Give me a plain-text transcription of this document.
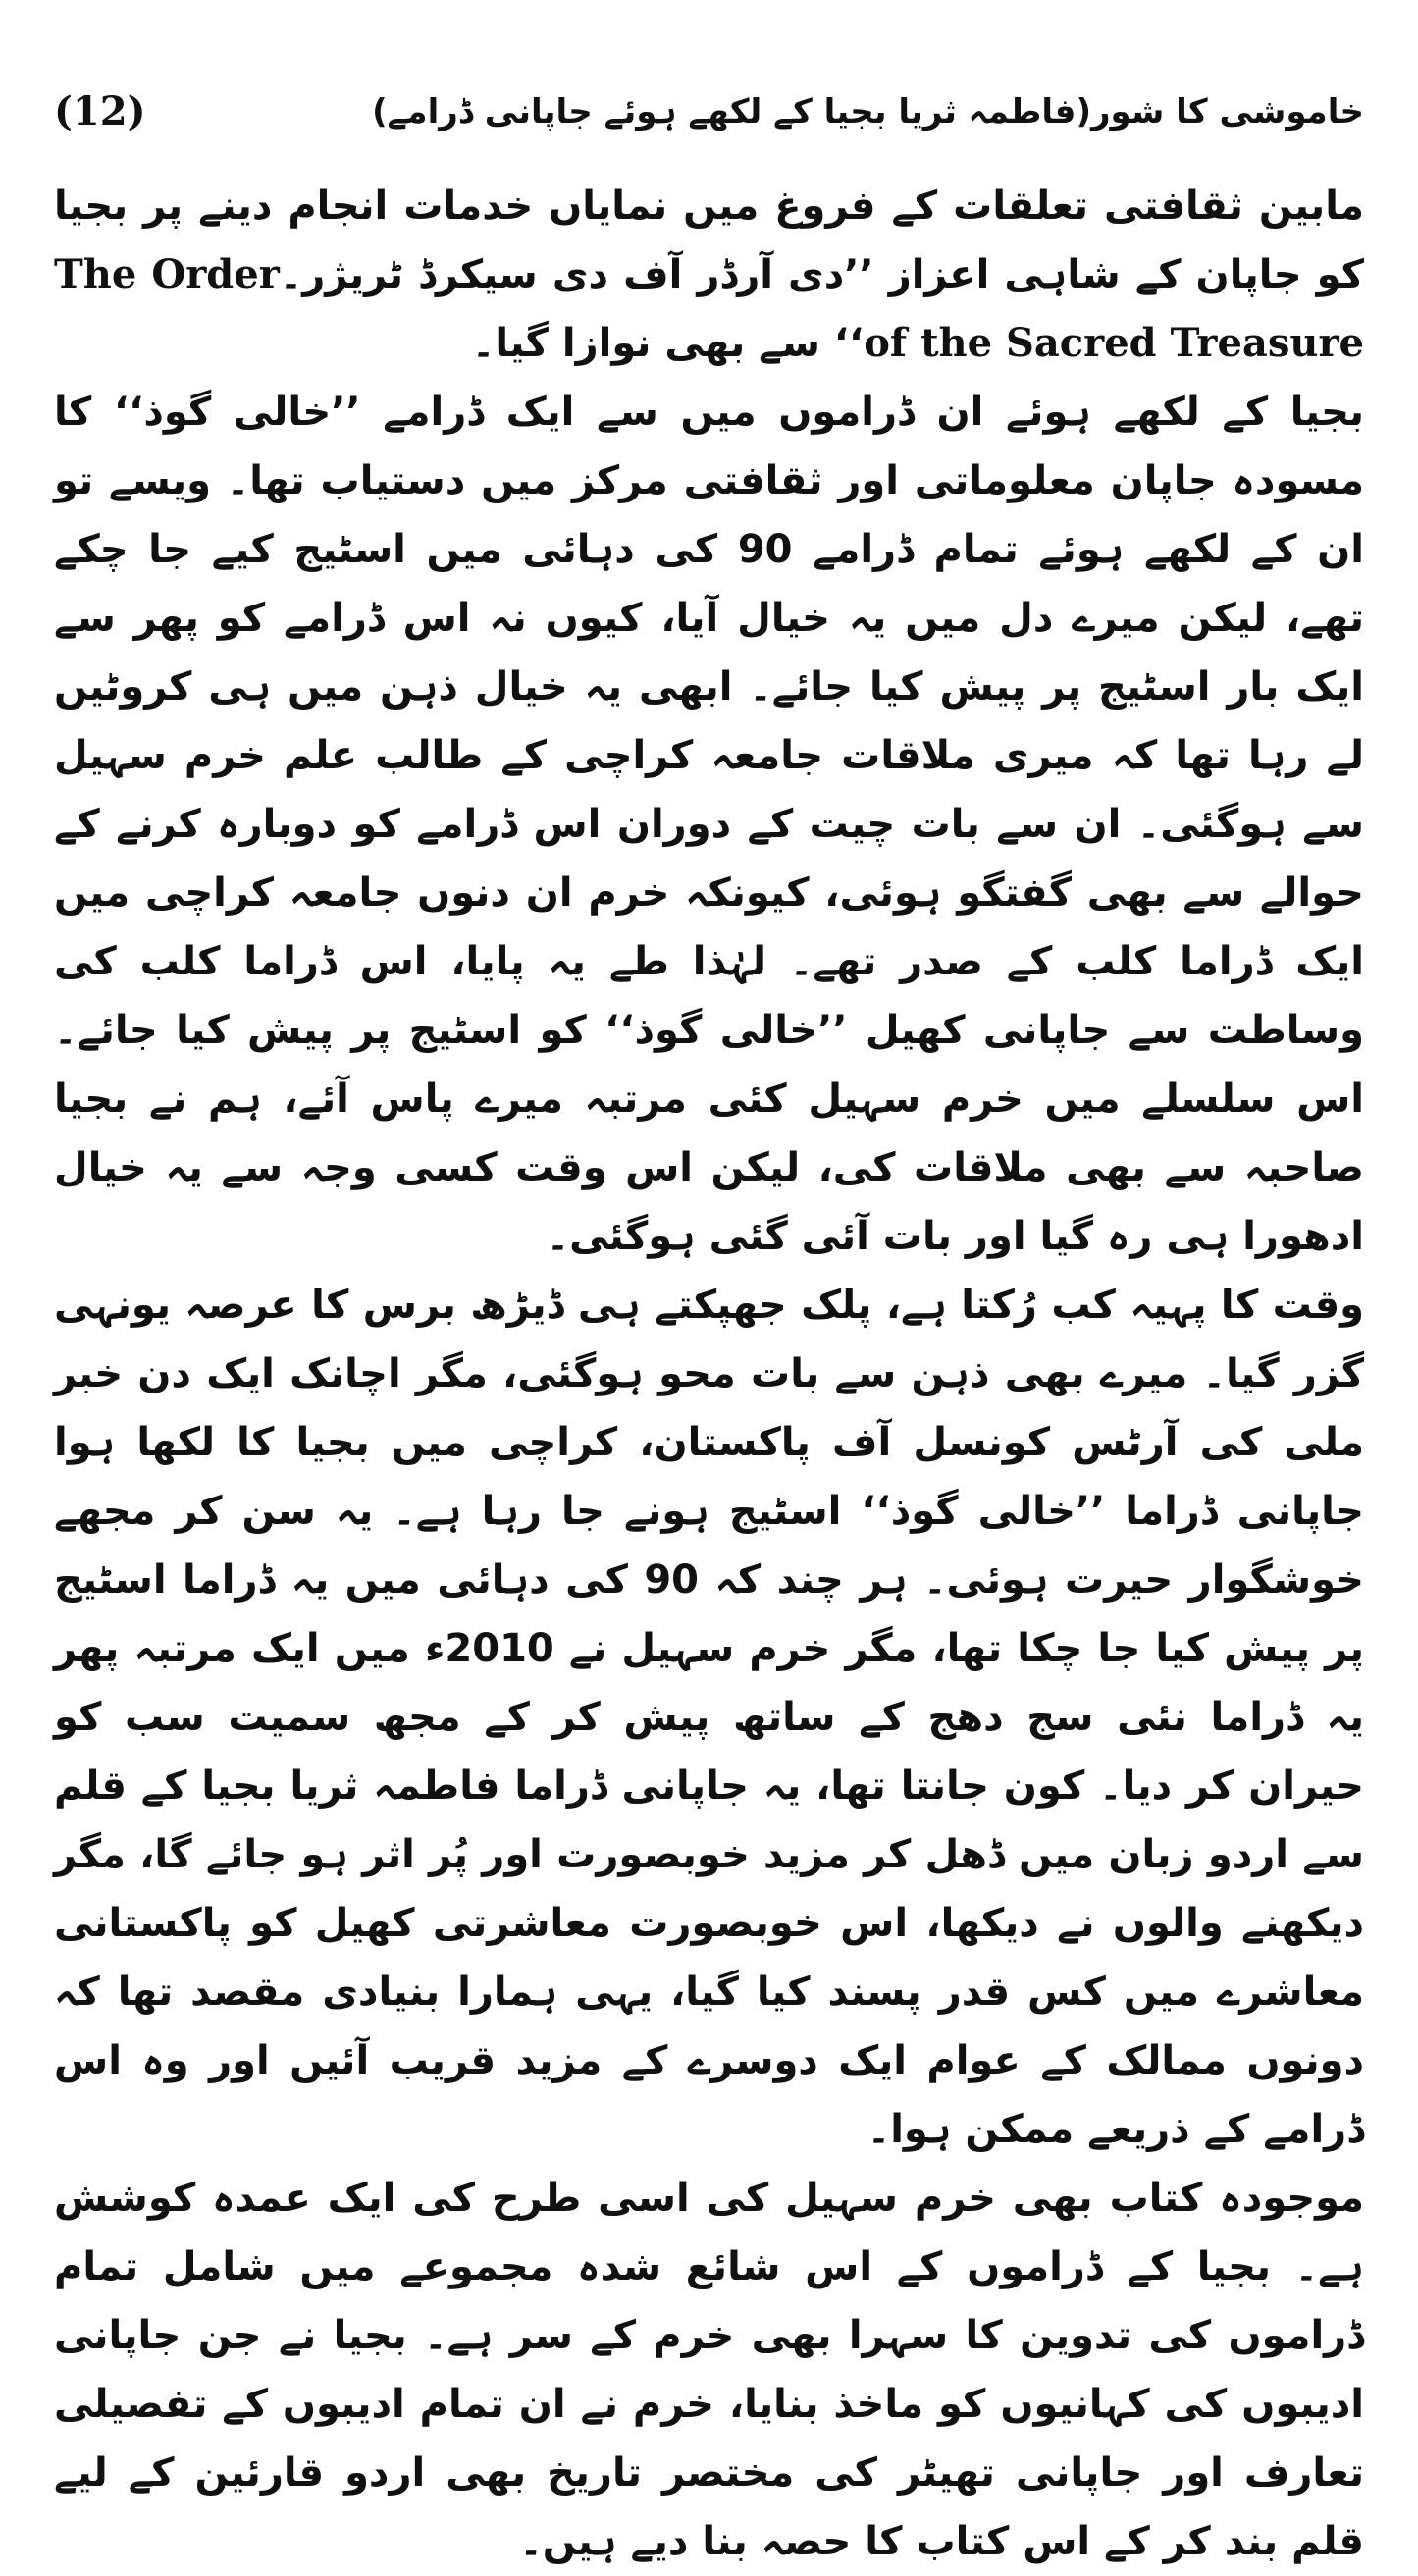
(12)	خاموشی کا شور(فاطمہ ثریا بجیا کے لکھے ہوئے جاپانی ڈرامے)

مابین ثقافتی تعلقات کے فروغ میں نمایاں خدمات انجام دینے پر بجیا کو جاپان کے شاہی اعزاز ’’دی آرڈر آف دی سیکرڈ ٹریژر۔The Order of the Sacred Treasure‘‘ سے بھی نوازا گیا۔

بجیا کے لکھے ہوئے ان ڈراموں میں سے ایک ڈرامے ’’خالی گوذ‘‘ کا مسودہ جاپان معلوماتی اور ثقافتی مرکز میں دستیاب تھا۔ ویسے تو ان کے لکھے ہوئے تمام ڈرامے 90 کی دہائی میں اسٹیج کیے جا چکے تھے، لیکن میرے دل میں یہ خیال آیا، کیوں نہ اس ڈرامے کو پھر سے ایک بار اسٹیج پر پیش کیا جائے۔ ابھی یہ خیال ذہن میں ہی کروٹیں لے رہا تھا کہ میری ملاقات جامعہ کراچی کے طالب علم خرم سہیل سے ہوگئی۔ ان سے بات چیت کے دوران اس ڈرامے کو دوبارہ کرنے کے حوالے سے بھی گفتگو ہوئی، کیونکہ خرم ان دنوں جامعہ کراچی میں ایک ڈراما کلب کے صدر تھے۔ لہٰذا طے یہ پایا، اس ڈراما کلب کی وساطت سے جاپانی کھیل ’’خالی گوذ‘‘ کو اسٹیج پر پیش کیا جائے۔ اس سلسلے میں خرم سہیل کئی مرتبہ میرے پاس آئے، ہم نے بجیا صاحبہ سے بھی ملاقات کی، لیکن اس وقت کسی وجہ سے یہ خیال ادھورا ہی رہ گیا اور بات آئی گئی ہوگئی۔

وقت کا پہیہ کب رُکتا ہے، پلک جھپکتے ہی ڈیڑھ برس کا عرصہ یونہی گزر گیا۔ میرے بھی ذہن سے بات محو ہوگئی، مگر اچانک ایک دن خبر ملی کی آرٹس کونسل آف پاکستان، کراچی میں بجیا کا لکھا ہوا جاپانی ڈراما ’’خالی گوذ‘‘ اسٹیج ہونے جا رہا ہے۔ یہ سن کر مجھے خوشگوار حیرت ہوئی۔ ہر چند کہ 90 کی دہائی میں یہ ڈراما اسٹیج پر پیش کیا جا چکا تھا، مگر خرم سہیل نے 2010ء میں ایک مرتبہ پھر یہ ڈراما نئی سج دھج کے ساتھ پیش کر کے مجھ سمیت سب کو حیران کر دیا۔ کون جانتا تھا، یہ جاپانی ڈراما فاطمہ ثریا بجیا کے قلم سے اردو زبان میں ڈھل کر مزید خوبصورت اور پُر اثر ہو جائے گا، مگر دیکھنے والوں نے دیکھا، اس خوبصورت معاشرتی کھیل کو پاکستانی معاشرے میں کس قدر پسند کیا گیا، یہی ہمارا بنیادی مقصد تھا کہ دونوں ممالک کے عوام ایک دوسرے کے مزید قریب آئیں اور وہ اس ڈرامے کے ذریعے ممکن ہوا۔

موجودہ کتاب بھی خرم سہیل کی اسی طرح کی ایک عمدہ کوشش ہے۔ بجیا کے ڈراموں کے اس شائع شدہ مجموعے میں شامل تمام ڈراموں کی تدوین کا سہرا بھی خرم کے سر ہے۔ بجیا نے جن جاپانی ادیبوں کی کہانیوں کو ماخذ بنایا، خرم نے ان تمام ادیبوں کے تفصیلی تعارف اور جاپانی تھیٹر کی مختصر تاریخ بھی اردو قارئین کے لیے قلم بند کر کے اس کتاب کا حصہ بنا دیے ہیں۔
